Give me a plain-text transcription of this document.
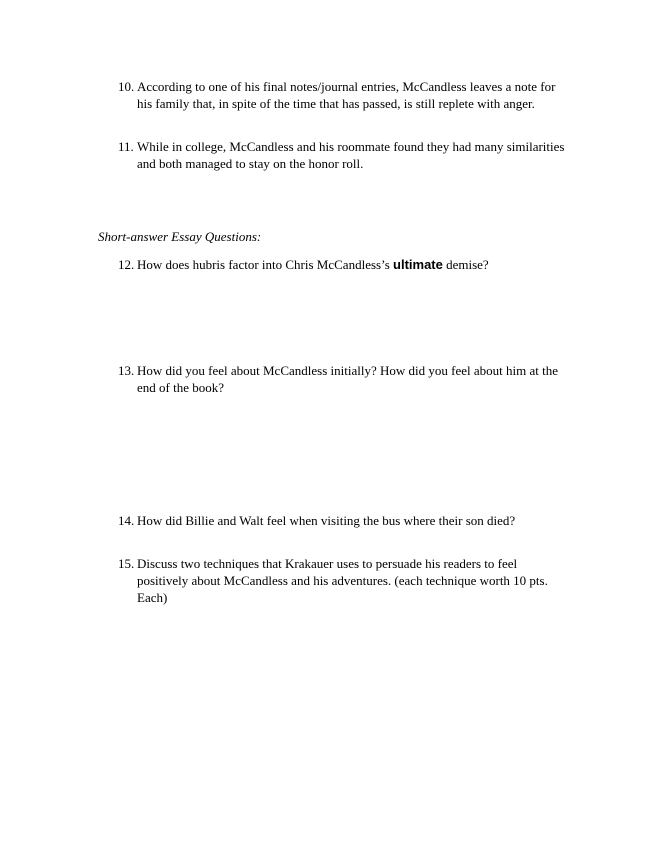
10. According to one of his final notes/journal entries, McCandless leaves a note for
his family that, in spite of the time that has passed, is still replete with anger.
11. While in college, McCandless and his roommate found they had many similarities
and both managed to stay on the honor roll.
Short-answer Essay Questions:
12. How does hubris factor into Chris McCandless’s ultimate demise?
13. How did you feel about McCandless initially? How did you feel about him at the
end of the book?
14. How did Billie and Walt feel when visiting the bus where their son died?
15. Discuss two techniques that Krakauer uses to persuade his readers to feel
positively about McCandless and his adventures. (each technique worth 10 pts.
Each)
